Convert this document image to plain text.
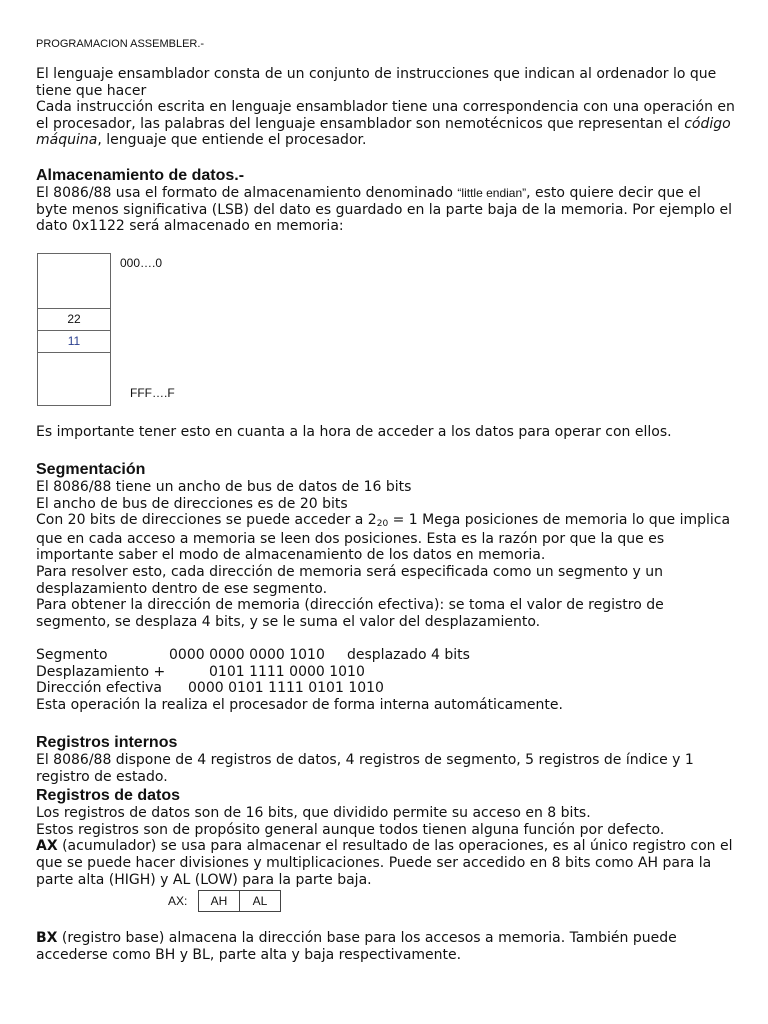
PROGRAMACION ASSEMBLER.-

El lenguaje ensamblador consta de un conjunto de instrucciones que indican al ordenador lo que tiene que hacer

Cada instrucción escrita en lenguaje ensamblador tiene una correspondencia con una operación en el procesador, las palabras del lenguaje ensamblador son nemotécnicos que representan el código máquina, lenguaje que entiende el procesador.

Almacenamiento de datos.-

El 8086/88 usa el formato de almacenamiento denominado “little endian”, esto quiere decir que el byte menos significativa (LSB) del dato es guardado en la parte baja de la memoria. Por ejemplo el dato 0x1122 será almacenado en memoria:

22
11
000….0
FFF….F

Es importante tener esto en cuanta a la hora de acceder a los datos para operar con ellos.

Segmentación

El 8086/88 tiene un ancho de bus de datos de 16 bits

El ancho de bus de direcciones es de 20 bits

Con 20 bits de direcciones se puede acceder a 220 = 1 Mega posiciones de memoria lo que implica que en cada acceso a memoria se leen dos posiciones. Esta es la razón por que la que es importante saber el modo de almacenamiento de los datos en memoria.

Para resolver esto, cada dirección de memoria será especificada como un segmento y un desplazamiento dentro de ese segmento.

Para obtener la dirección de memoria (dirección efectiva): se toma el valor de registro de segmento, se desplaza 4 bits, y se le suma el valor del desplazamiento.

Segmento	0000 0000 0000 1010 desplazado 4 bits

Desplazamiento +	0101 1111 0000 1010

Dirección efectiva 0000 0101 1111 0101 1010

Esta operación la realiza el procesador de forma interna automáticamente.

Registros internos

El 8086/88 dispone de 4 registros de datos, 4 registros de segmento, 5 registros de índice y 1 registro de estado.

Registros de datos

Los registros de datos son de 16 bits, que dividido permite su acceso en 8 bits.

Estos registros son de propósito general aunque todos tienen alguna función por defecto.

AX (acumulador) se usa para almacenar el resultado de las operaciones, es al único registro con el que se puede hacer divisiones y multiplicaciones. Puede ser accedido en 8 bits como AH para la parte alta (HIGH) y AL (LOW) para la parte baja.

AX:	AH	AL

BX (registro base) almacena la dirección base para los accesos a memoria. También puede accederse como BH y BL, parte alta y baja respectivamente.
